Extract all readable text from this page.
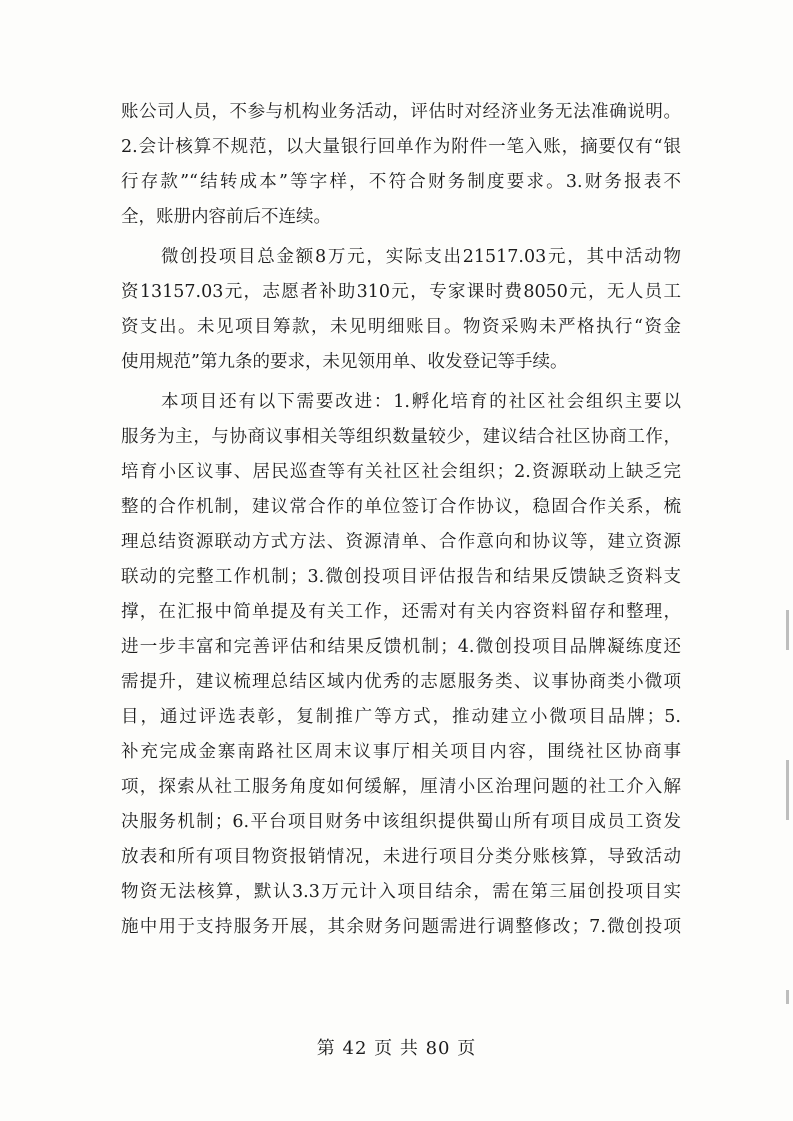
账公司人员，不参与机构业务活动，评估时对经济业务无法准确说明。
2.会计核算不规范，以大量银行回单作为附件一笔入账，摘要仅有“银
行存款”“结转成本”等字样，不符合财务制度要求。3.财务报表不
全，账册内容前后不连续。
微创投项目总金额8万元，实际支出21517.03元，其中活动物
资13157.03元，志愿者补助310元，专家课时费8050元，无人员工
资支出。未见项目筹款，未见明细账目。物资采购未严格执行“资金
使用规范”第九条的要求，未见领用单、收发登记等手续。
本项目还有以下需要改进：1.孵化培育的社区社会组织主要以
服务为主，与协商议事相关等组织数量较少，建议结合社区协商工作，
培育小区议事、居民巡查等有关社区社会组织；2.资源联动上缺乏完
整的合作机制，建议常合作的单位签订合作协议，稳固合作关系，梳
理总结资源联动方式方法、资源清单、合作意向和协议等，建立资源
联动的完整工作机制；3.微创投项目评估报告和结果反馈缺乏资料支
撑，在汇报中简单提及有关工作，还需对有关内容资料留存和整理，
进一步丰富和完善评估和结果反馈机制；4.微创投项目品牌凝练度还
需提升，建议梳理总结区域内优秀的志愿服务类、议事协商类小微项
目，通过评选表彰，复制推广等方式，推动建立小微项目品牌；5.
补充完成金寨南路社区周末议事厅相关项目内容，围绕社区协商事
项，探索从社工服务角度如何缓解，厘清小区治理问题的社工介入解
决服务机制；6.平台项目财务中该组织提供蜀山所有项目成员工资发
放表和所有项目物资报销情况，未进行项目分类分账核算，导致活动
物资无法核算，默认3.3万元计入项目结余，需在第三届创投项目实
施中用于支持服务开展，其余财务问题需进行调整修改；7.微创投项
第 42 页 共 80 页
